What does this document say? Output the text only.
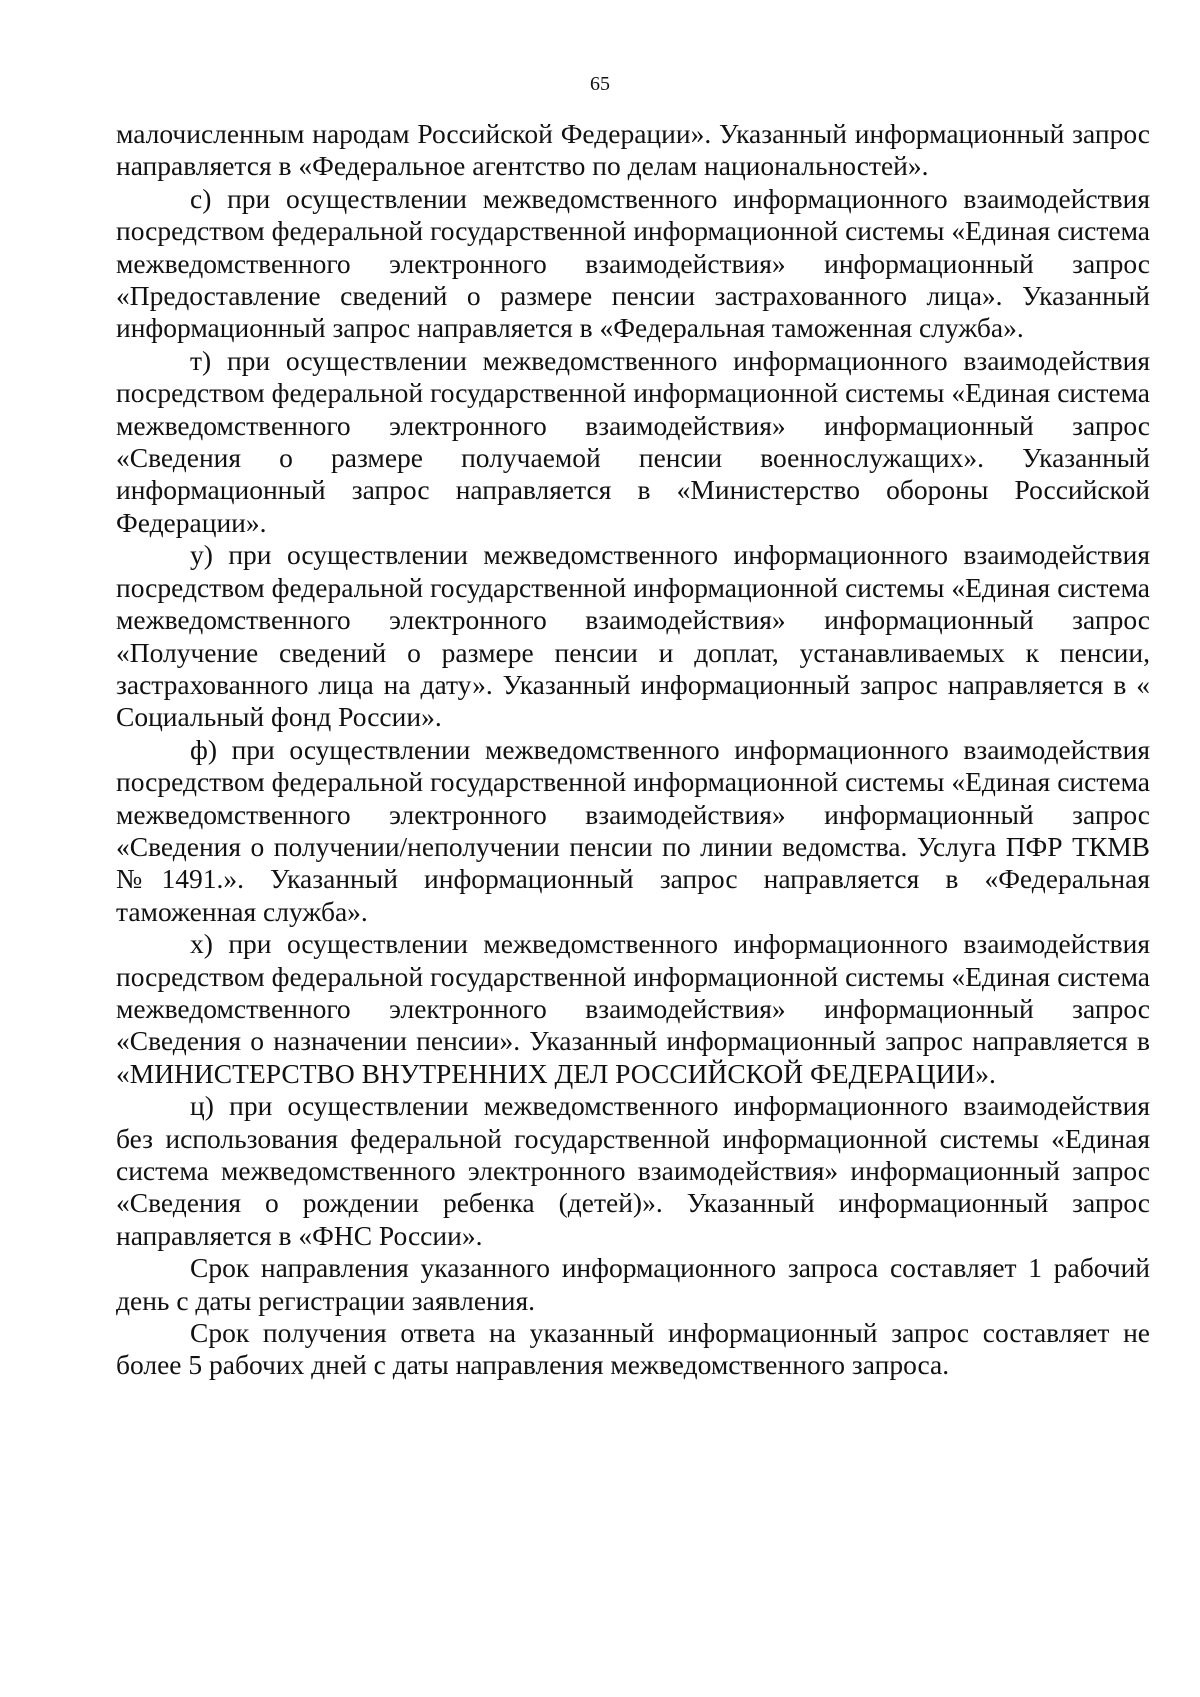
65

малочисленным народам Российской Федерации». Указанный информационный запрос направляется в «Федеральное агентство по делам национальностей».

с) при осуществлении межведомственного информационного взаимодействия посредством федеральной государственной информационной системы «Единая система межведомственного электронного взаимодействия» информационный запрос «Предоставление сведений о размере пенсии застрахованного лица». Указанный информационный запрос направляется в «Федеральная таможенная служба».

т) при осуществлении межведомственного информационного взаимодействия посредством федеральной государственной информационной системы «Единая система межведомственного электронного взаимодействия» информационный запрос «Сведения о размере получаемой пенсии военнослужащих». Указанный информационный запрос направляется в «Министерство обороны Российской Федерации».

у) при осуществлении межведомственного информационного взаимодействия посредством федеральной государственной информационной системы «Единая система межведомственного электронного взаимодействия» информационный запрос «Получение сведений о размере пенсии и доплат, устанавливаемых к пенсии, застрахованного лица на дату». Указанный информационный запрос направляется в « Социальный фонд России».

ф) при осуществлении межведомственного информационного взаимодействия посредством федеральной государственной информационной системы «Единая система межведомственного электронного взаимодействия» информационный запрос «Сведения о получении/неполучении пенсии по линии ведомства. Услуга ПФР ТКМВ №1491.». Указанный информационный запрос направляется в «Федеральная таможенная служба».

х) при осуществлении межведомственного информационного взаимодействия посредством федеральной государственной информационной системы «Единая система межведомственного электронного взаимодействия» информационный запрос «Сведения о назначении пенсии». Указанный информационный запрос направляется в «МИНИСТЕРСТВО ВНУТРЕННИХ ДЕЛ РОССИЙСКОЙ ФЕДЕРАЦИИ».

ц) при осуществлении межведомственного информационного взаимодействия без использования федеральной государственной информационной системы «Единая система межведомственного электронного взаимодействия» информационный запрос «Сведения о рождении ребенка (детей)». Указанный информационный запрос направляется в «ФНС России».

Срок направления указанного информационного запроса составляет 1 рабочий день с даты регистрации заявления.

Срок получения ответа на указанный информационный запрос составляет не более 5 рабочих дней с даты направления межведомственного запроса.
